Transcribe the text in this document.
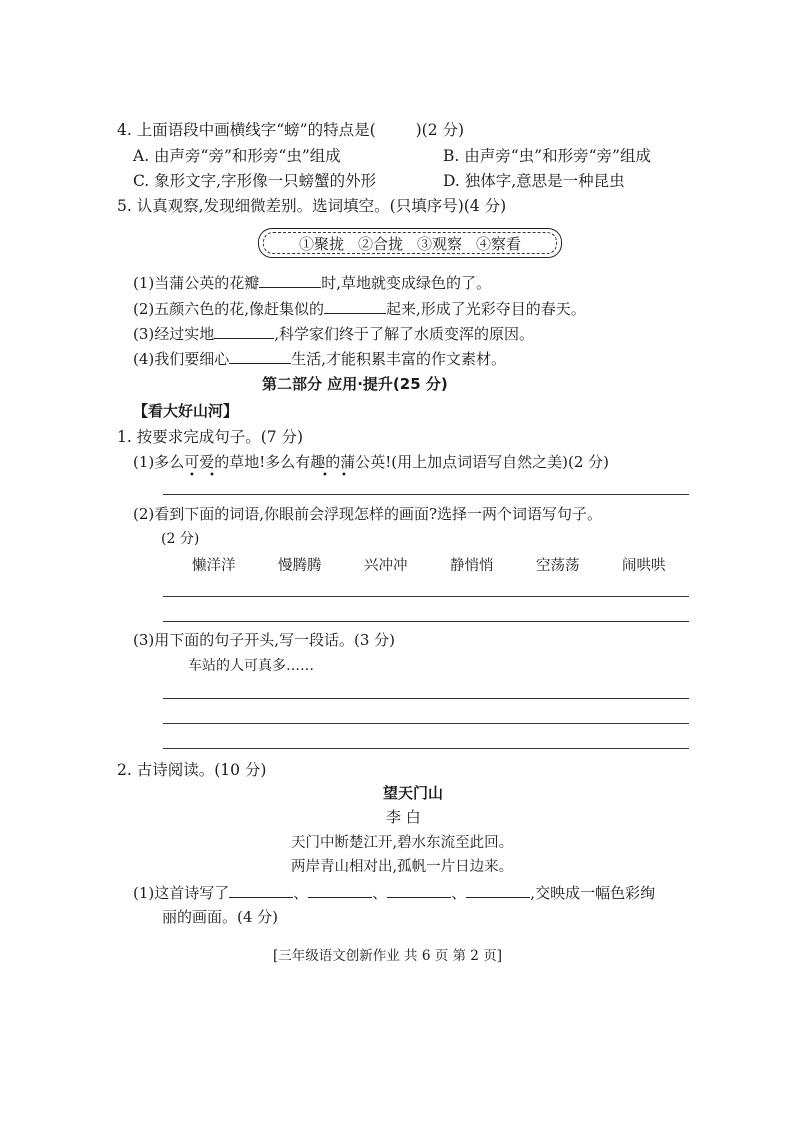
4. 上面语段中画横线字“螃”的特点是(	)(2 分)
A. 由声旁“旁”和形旁“虫”组成	B. 由声旁“虫”和形旁“旁”组成
C. 象形文字,字形像一只螃蟹的外形	D. 独体字,意思是一种昆虫
5. 认真观察,发现细微差别。选词填空。(只填序号)(4 分)
①聚拢 ②合拢 ③观察 ④察看
(1)当蒲公英的花瓣	时,草地就变成绿色的了。
(2)五颜六色的花,像赶集似的	起来,形成了光彩夺目的春天。
(3)经过实地	,科学家们终于了解了水质变浑的原因。
(4)我们要细心	生活,才能积累丰富的作文素材。
第二部分 应用·提升(25 分)
【看大好山河】
1. 按要求完成句子。(7 分)
(1)多么可爱的草地!多么有趣的蒲公英!(用上加点词语写自然之美)(2 分)
• •	• •
(2)看到下面的词语,你眼前会浮现怎样的画面?选择一两个词语写句子。
(2 分)
懒洋洋	慢腾腾	兴冲冲	静悄悄	空荡荡	闹哄哄
(3)用下面的句子开头,写一段话。(3 分)
车站的人可真多……
2. 古诗阅读。(10 分)
望天门山
李 白
天门中断楚江开,碧水东流至此回。
两岸青山相对出,孤帆一片日边来。
(1)这首诗写了	、	、	、	,交映成一幅色彩绚
丽的画面。(4 分)
[三年级语文创新作业 共 6 页 第 2 页]
